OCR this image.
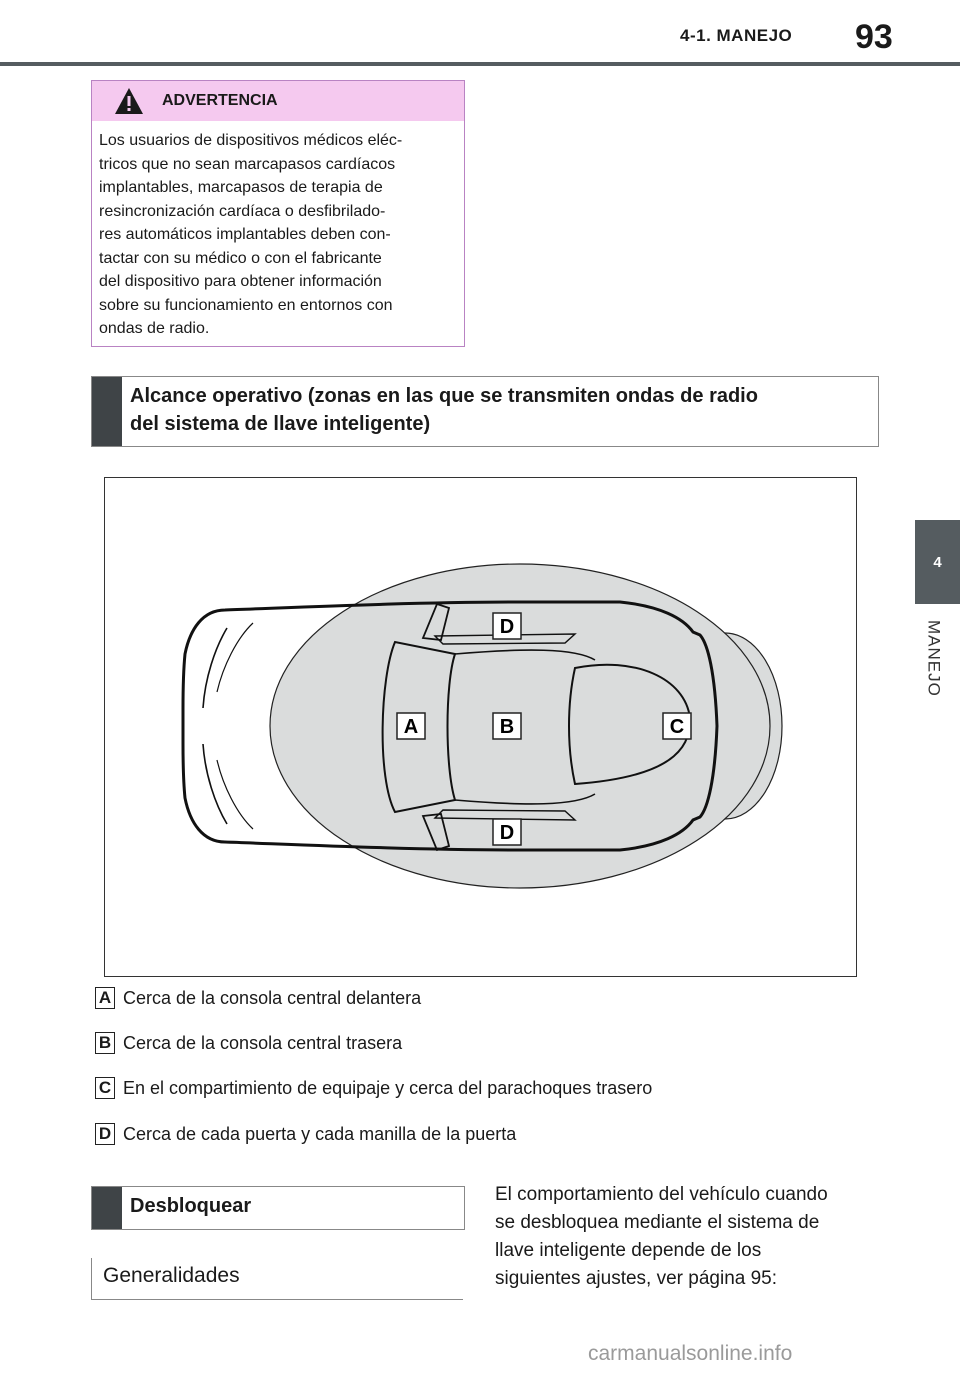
4-1. MANEJO 93
4
MANEJO
ADVERTENCIA
Los usuarios de dispositivos médicos eléc-
tricos que no sean marcapasos cardíacos
implantables, marcapasos de terapia de
resincronización cardíaca o desfibrilado-
res automáticos implantables deben con-
tactar con su médico o con el fabricante
del dispositivo para obtener información
sobre su funcionamiento en entornos con
ondas de radio.
Alcance operativo (zonas en las que se transmiten ondas de radio
del sistema de llave inteligente)
D
A	B	C
D
A Cerca de la consola central delantera
B Cerca de la consola central trasera
C En el compartimiento de equipaje y cerca del parachoques trasero
D Cerca de cada puerta y cada manilla de la puerta
Desbloquear
Generalidades
El comportamiento del vehículo cuando
se desbloquea mediante el sistema de
llave inteligente depende de los
siguientes ajustes, ver página 95:
carmanualsonline.info
